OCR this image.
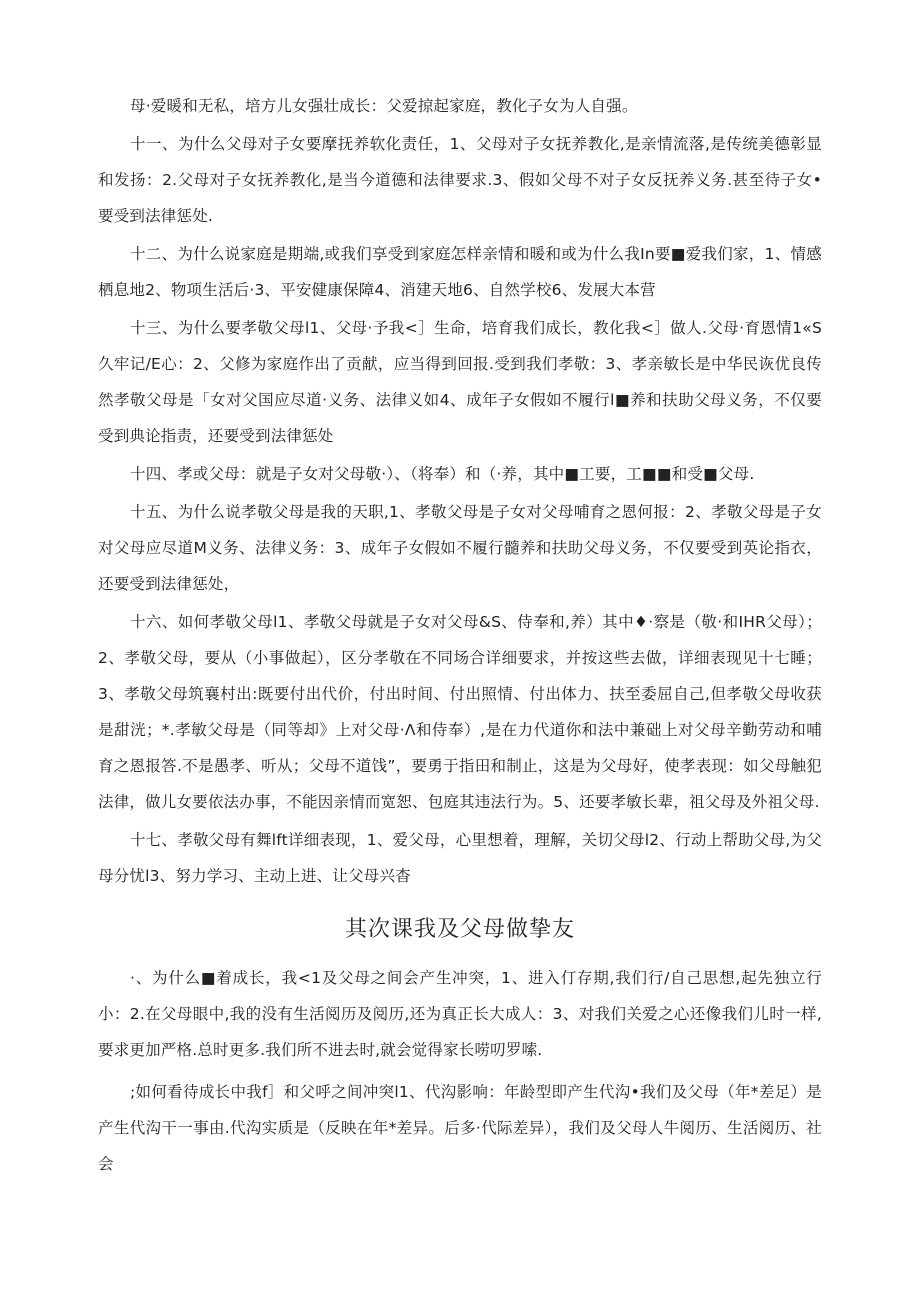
母·爱暖和无私，培方儿女强壮成长：父爱掠起家庭，教化子女为人自强。

十一、为什么父母对子女要摩抚养软化责任，1、父母对子女抚养教化,是亲情流落,是传统美德彰显和发扬：2.父母对子女抚养教化,是当今道德和法律要求.3、假如父母不对子女反抚养义务.甚至待子女•要受到法律惩处.

十二、为什么说家庭是期端,或我们享受到家庭怎样亲情和暖和或为什么我In要■爱我们家，1、情感栖息地2、物项生活后·3、平安健康保障4、消建天地6、自然学校6、发展大本营

十三、为什么要孝敬父母l1、父母·予我<］生命，培育我们成长，教化我<］做人.父母·育恩情1«S久牢记/E心：2、父修为家庭作出了贡献，应当得到回报.受到我们孝敬：3、孝亲敏长是中华民诙优良传然孝敬父母是「女对父国应尽道·义务、法律义如4、成年子女假如不履行l■养和扶助父母义务，不仅要受到典论指责，还要受到法律惩处

十四、孝或父母：就是子女对父母敬·）、（将奉）和（·养，其中■工要，工■■和受■父母.

十五、为什么说孝敬父母是我的天职,1、孝敬父母是子女对父母哺育之恩何报：2、孝敬父母是子女对父母应尽道M义务、法律义务：3、成年子女假如不履行髓养和扶助父母义务，不仅要受到英论指衣，还要受到法律惩处，

十六、如何孝敬父母l1、孝敬父母就是子女对父母&S、侍奉和,养）其中♦·察是（敬·和IHR父母）；2、孝敬父母，要从（小事做起），区分孝敬在不同场合详细要求，并按这些去做，详细表现见十七睡；3、孝敬父母筑襄村出:既要付出代价，付出时间、付出照情、付出体力、扶至委屈自己,但孝敬父母收获是甜洸；*.孝敏父母是（同等却》上对父母·Λ和侍奉）,是在力代道你和法中兼础上对父母辛勤劳动和哺育之恩报答.不是愚孝、听从；父母不道饯”，要勇于指田和制止，这是为父母好，使孝表现：如父母触犯法律，做儿女要依法办事，不能因亲情而宽恕、包庭其违法行为。5、还要孝敏长辈，祖父母及外祖父母.

十七、孝敬父母有舞lft详细表现，1、爱父母，心里想着，理解，关切父母l2、行动上帮助父母,为父母分忧l3、努力学习、主动上进、让父母兴杳

其次课我及父母做挚友

·、为什么■着成长，我<1及父母之间会产生冲突，1、进入仃存期,我们行/自己思想,起先独立行小：2.在父母眼中,我的没有生活阅历及阅历,还为真正长大成人：3、对我们关爱之心还像我们儿时一样,要求更加严格.总时更多.我们所不进去时,就会觉得家长唠叨罗嗦.

;如何看待成长中我f］和父呼之间冲突l1、代沟影响：年龄型即产生代沟•我们及父母（年*差足）是产生代沟干一事由.代沟实质是（反映在年*差异。后多·代际差异），我们及父母人牛阅历、生活阅历、社会
